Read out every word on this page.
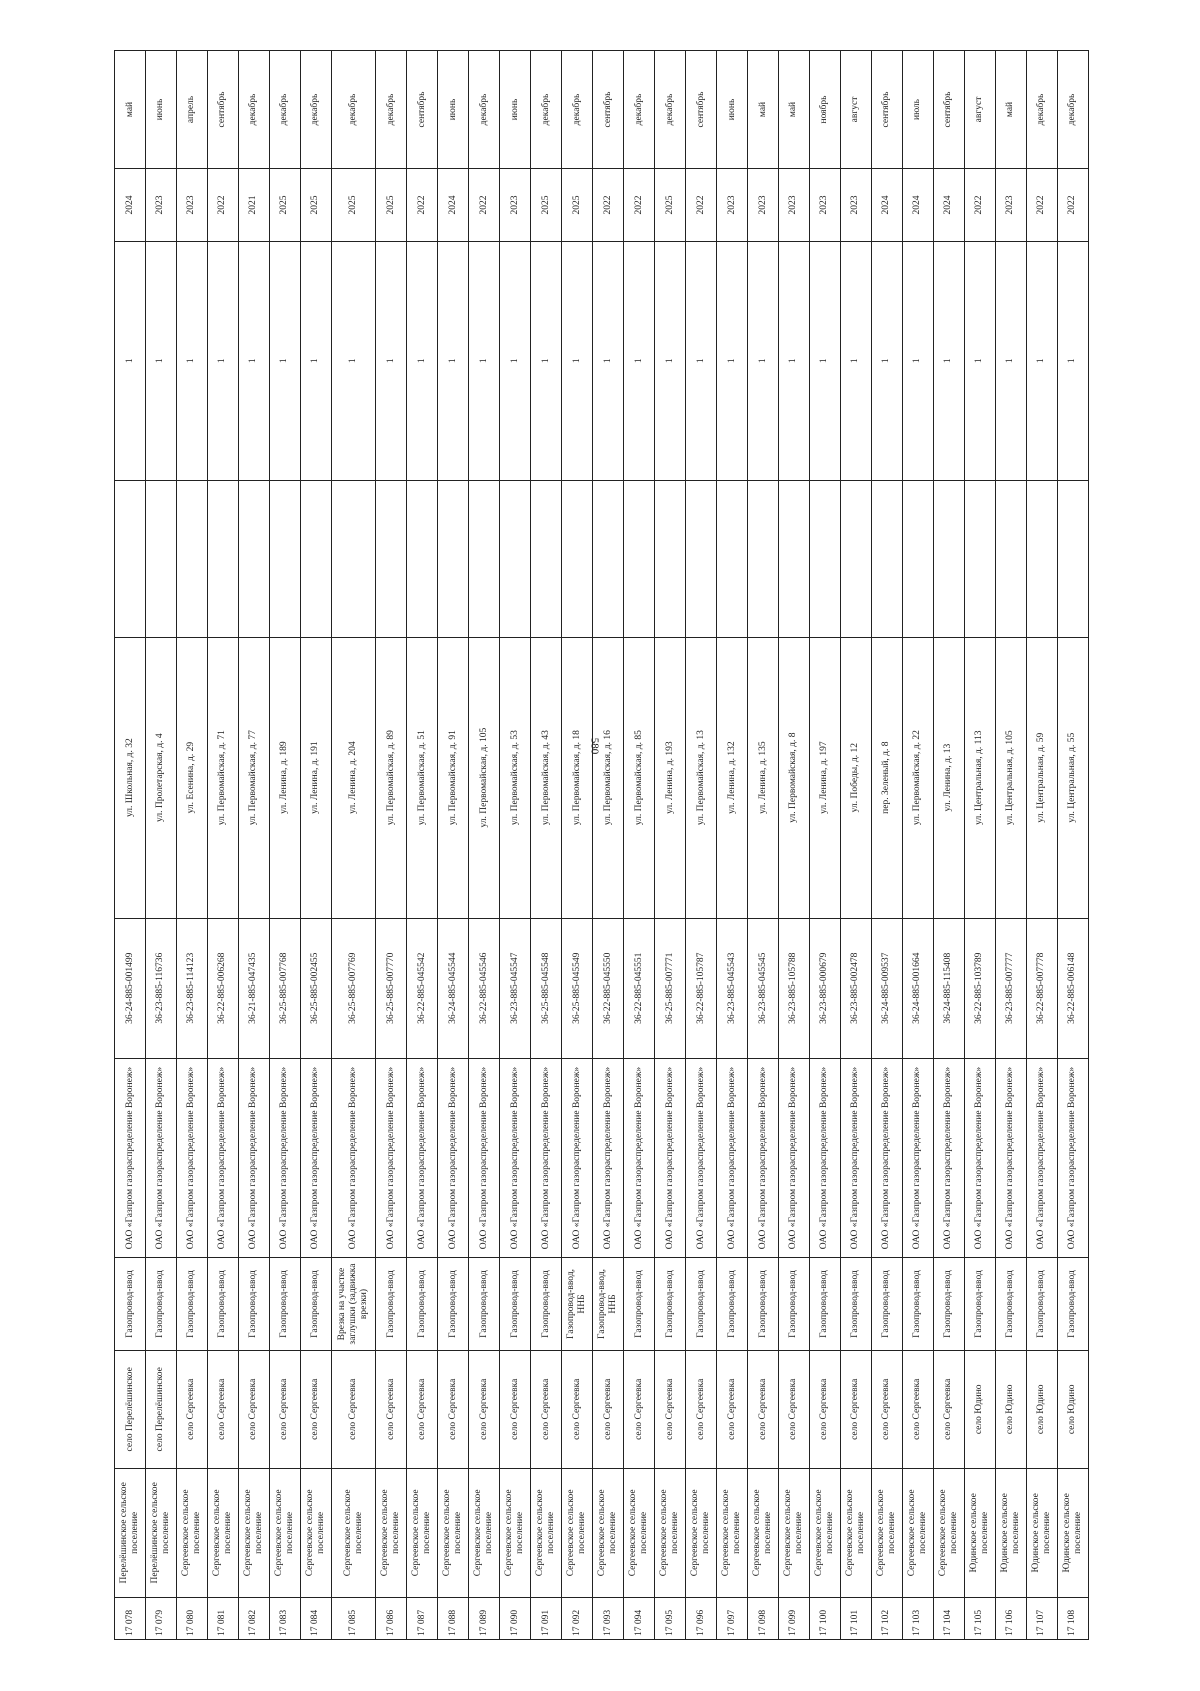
580
17 078	Перелёшинское сельское поселение	село Перелёшинское	Газопровод-ввод	ОАО «Газпром газораспределение Воронеж»	36-24-885-001499	ул. Школьная, д. 32		1	2024	май
17 079	Перелёшинское сельское поселение	село Перелёшинское	Газопровод-ввод	ОАО «Газпром газораспределение Воронеж»	36-23-885-116736	ул. Пролетарская, д. 4		1	2023	июнь
17 080	Сергеевское сельское поселение	село Сергеевка	Газопровод-ввод	ОАО «Газпром газораспределение Воронеж»	36-23-885-114123	ул. Есенина, д. 29		1	2023	апрель
17 081	Сергеевское сельское поселение	село Сергеевка	Газопровод-ввод	ОАО «Газпром газораспределение Воронеж»	36-22-885-006268	ул. Первомайская, д. 71		1	2022	сентябрь
17 082	Сергеевское сельское поселение	село Сергеевка	Газопровод-ввод	ОАО «Газпром газораспределение Воронеж»	36-21-885-047435	ул. Первомайская, д. 77		1	2021	декабрь
17 083	Сергеевское сельское поселение	село Сергеевка	Газопровод-ввод	ОАО «Газпром газораспределение Воронеж»	36-25-885-007768	ул. Ленина, д. 189		1	2025	декабрь
17 084	Сергеевское сельское поселение	село Сергеевка	Газопровод-ввод	ОАО «Газпром газораспределение Воронеж»	36-25-885-002455	ул. Ленина, д. 191		1	2025	декабрь
17 085	Сергеевское сельское поселение	село Сергеевка	Врезка на участке заглушки (задвижка врезки)	ОАО «Газпром газораспределение Воронеж»	36-25-885-007769	ул. Ленина, д. 204		1	2025	декабрь
17 086	Сергеевское сельское поселение	село Сергеевка	Газопровод-ввод	ОАО «Газпром газораспределение Воронеж»	36-25-885-007770	ул. Первомайская, д. 89		1	2025	декабрь
17 087	Сергеевское сельское поселение	село Сергеевка	Газопровод-ввод	ОАО «Газпром газораспределение Воронеж»	36-22-885-045542	ул. Первомайская, д. 51		1	2022	сентябрь
17 088	Сергеевское сельское поселение	село Сергеевка	Газопровод-ввод	ОАО «Газпром газораспределение Воронеж»	36-24-885-045544	ул. Первомайская, д. 91		1	2024	июнь
17 089	Сергеевское сельское поселение	село Сергеевка	Газопровод-ввод	ОАО «Газпром газораспределение Воронеж»	36-22-885-045546	ул. Первомайская, д. 105		1	2022	декабрь
17 090	Сергеевское сельское поселение	село Сергеевка	Газопровод-ввод	ОАО «Газпром газораспределение Воронеж»	36-23-885-045547	ул. Первомайская, д. 53		1	2023	июнь
17 091	Сергеевское сельское поселение	село Сергеевка	Газопровод-ввод	ОАО «Газпром газораспределение Воронеж»	36-25-885-045548	ул. Первомайская, д. 43		1	2025	декабрь
17 092	Сергеевское сельское поселение	село Сергеевка	Газопровод-ввод, ННБ	ОАО «Газпром газораспределение Воронеж»	36-25-885-045549	ул. Первомайская, д. 18		1	2025	декабрь
17 093	Сергеевское сельское поселение	село Сергеевка	Газопровод-ввод, ННБ	ОАО «Газпром газораспределение Воронеж»	36-22-885-045550	ул. Первомайская, д. 16		1	2022	сентябрь
17 094	Сергеевское сельское поселение	село Сергеевка	Газопровод-ввод	ОАО «Газпром газораспределение Воронеж»	36-22-885-045551	ул. Первомайская, д. 85		1	2022	декабрь
17 095	Сергеевское сельское поселение	село Сергеевка	Газопровод-ввод	ОАО «Газпром газораспределение Воронеж»	36-25-885-007771	ул. Ленина, д. 193		1	2025	декабрь
17 096	Сергеевское сельское поселение	село Сергеевка	Газопровод-ввод	ОАО «Газпром газораспределение Воронеж»	36-22-885-105787	ул. Первомайская, д. 13		1	2022	сентябрь
17 097	Сергеевское сельское поселение	село Сергеевка	Газопровод-ввод	ОАО «Газпром газораспределение Воронеж»	36-23-885-045543	ул. Ленина, д. 132		1	2023	июнь
17 098	Сергеевское сельское поселение	село Сергеевка	Газопровод-ввод	ОАО «Газпром газораспределение Воронеж»	36-23-885-045545	ул. Ленина, д. 135		1	2023	май
17 099	Сергеевское сельское поселение	село Сергеевка	Газопровод-ввод	ОАО «Газпром газораспределение Воронеж»	36-23-885-105788	ул. Первомайская, д. 8		1	2023	май
17 100	Сергеевское сельское поселение	село Сергеевка	Газопровод-ввод	ОАО «Газпром газораспределение Воронеж»	36-23-885-000679	ул. Ленина, д. 197		1	2023	ноябрь
17 101	Сергеевское сельское поселение	село Сергеевка	Газопровод-ввод	ОАО «Газпром газораспределение Воронеж»	36-23-885-002478	ул. Победы, д. 12		1	2023	август
17 102	Сергеевское сельское поселение	село Сергеевка	Газопровод-ввод	ОАО «Газпром газораспределение Воронеж»	36-24-885-009537	пер. Зеленый, д. 8		1	2024	сентябрь
17 103	Сергеевское сельское поселение	село Сергеевка	Газопровод-ввод	ОАО «Газпром газораспределение Воронеж»	36-24-885-001664	ул. Первомайская, д. 22		1	2024	июль
17 104	Сергеевское сельское поселение	село Сергеевка	Газопровод-ввод	ОАО «Газпром газораспределение Воронеж»	36-24-885-115408	ул. Ленина, д. 13		1	2024	сентябрь
17 105	Юдинское сельское поселение	село Юдино	Газопровод-ввод	ОАО «Газпром газораспределение Воронеж»	36-22-885-103789	ул. Центральная, д. 113		1	2022	август
17 106	Юдинское сельское поселение	село Юдино	Газопровод-ввод	ОАО «Газпром газораспределение Воронеж»	36-23-885-007777	ул. Центральная, д. 105		1	2023	май
17 107	Юдинское сельское поселение	село Юдино	Газопровод-ввод	ОАО «Газпром газораспределение Воронеж»	36-22-885-007778	ул. Центральная, д. 59		1	2022	декабрь
17 108	Юдинское сельское поселение	село Юдино	Газопровод-ввод	ОАО «Газпром газораспределение Воронеж»	36-22-885-006148	ул. Центральная, д. 55		1	2022	декабрь
